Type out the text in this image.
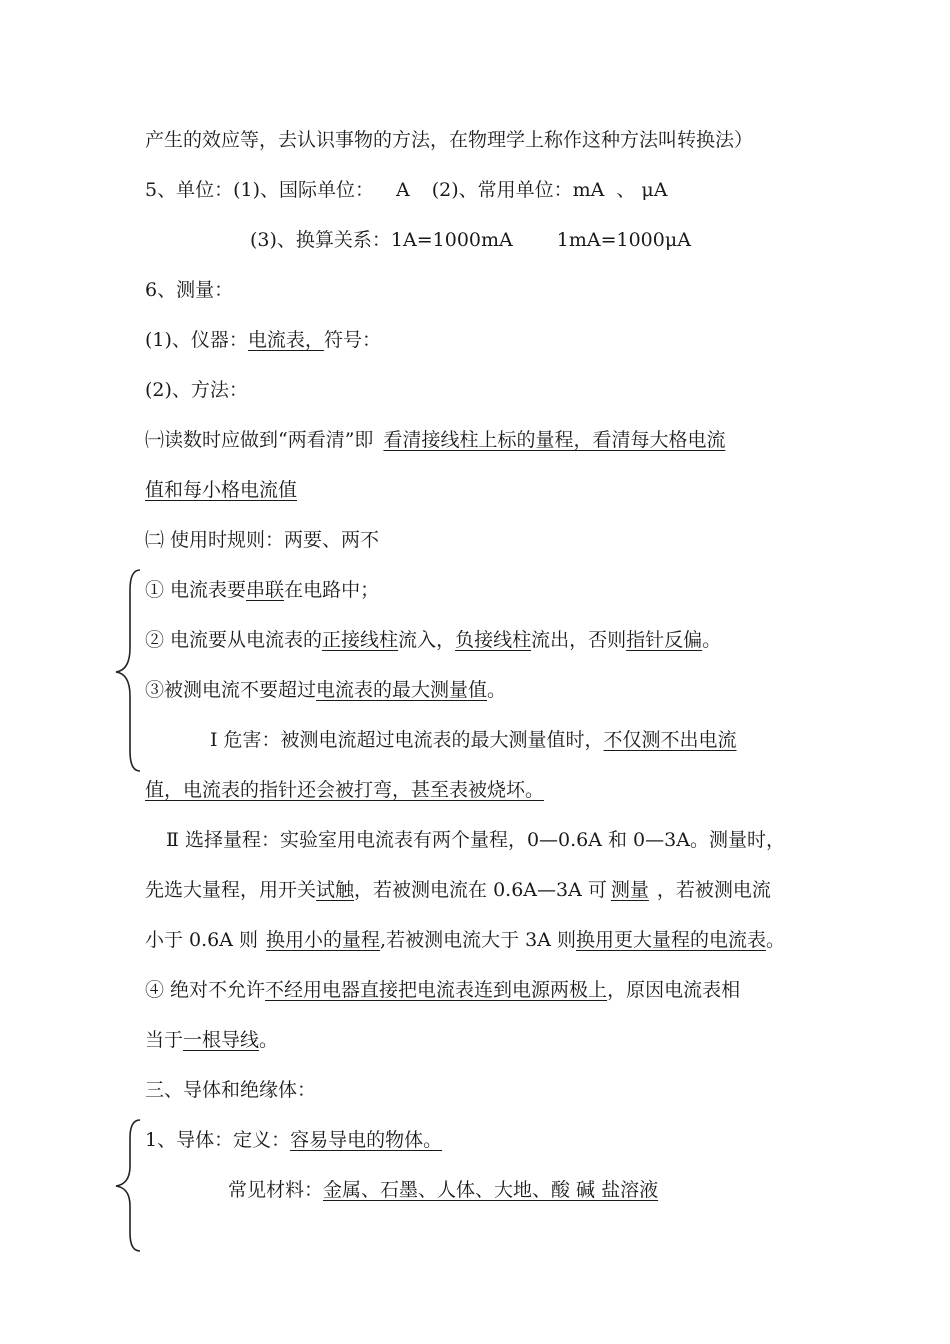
产生的效应等，去认识事物的方法，在物理学上称作这种方法叫转换法）
5、单位：(1)、国际单位： A (2)、常用单位：mA 、 μA
(3)、换算关系：1A=1000mA 1mA=1000μA
6、测量：
(1)、仪器：电流表，符号：
(2)、方法：
㈠读数时应做到“两看清”即 看清接线柱上标的量程，看清每大格电流
值和每小格电流值
㈡ 使用时规则：两要、两不
① 电流表要串联在电路中；
② 电流要从电流表的正接线柱流入，负接线柱流出，否则指针反偏。
③被测电流不要超过电流表的最大测量值。
Ⅰ 危害：被测电流超过电流表的最大测量值时，不仅测不出电流
值，电流表的指针还会被打弯，甚至表被烧坏。
Ⅱ 选择量程：实验室用电流表有两个量程，0—0.6A 和 0—3A。测量时，
先选大量程，用开关试触，若被测电流在 0.6A—3A 可 测量 ，若被测电流
小于 0.6A 则 换用小的量程,若被测电流大于 3A 则换用更大量程的电流表。
④ 绝对不允许不经用电器直接把电流表连到电源两极上，原因电流表相
当于一根导线。
三、导体和绝缘体：
1、导体：定义：容易导电的物体。
常见材料：金属、石墨、人体、大地、酸 碱 盐溶液
